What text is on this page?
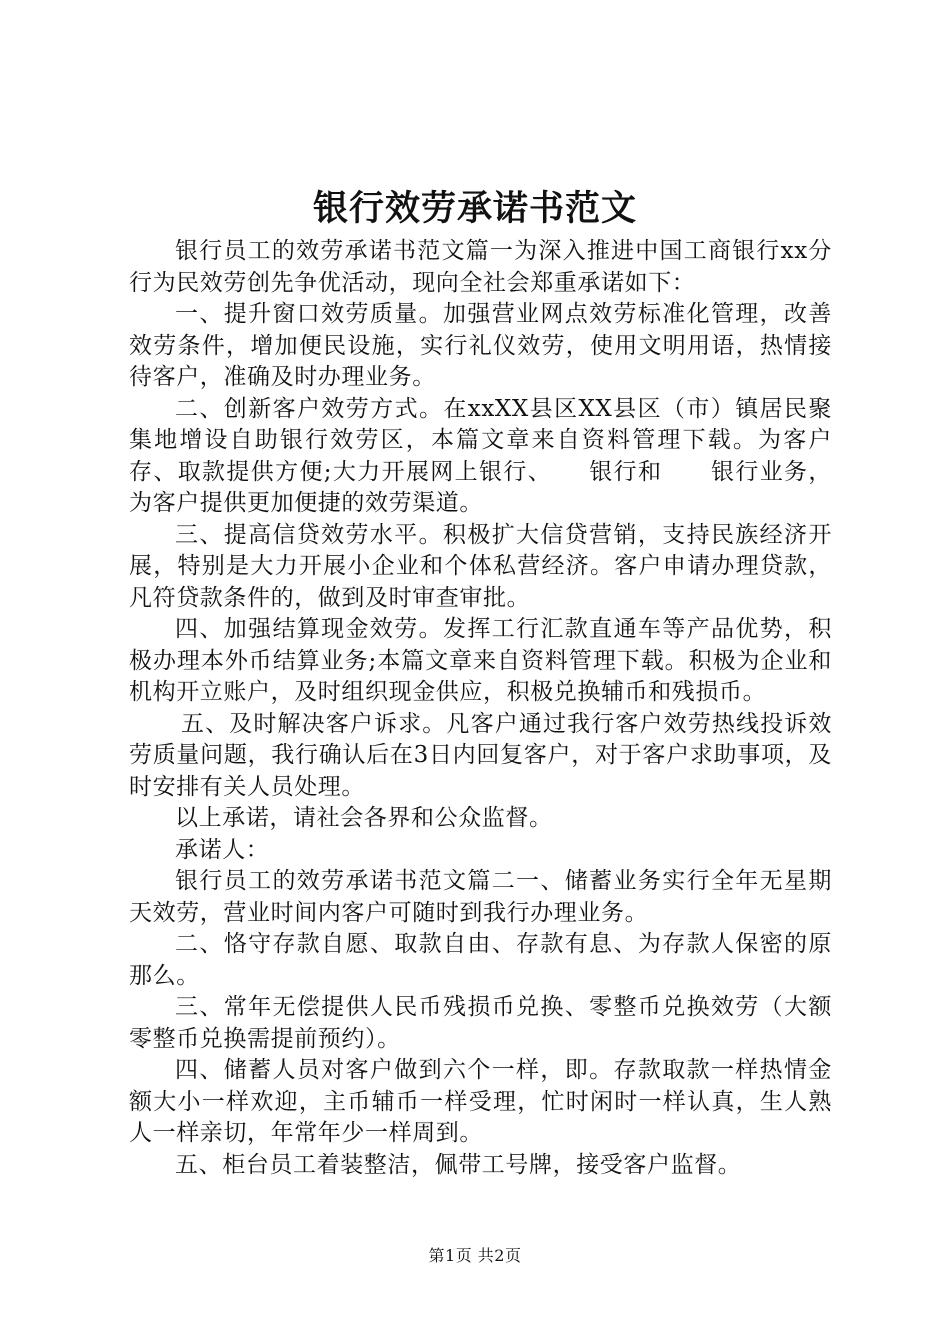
银行效劳承诺书范文

银行员工的效劳承诺书范文篇一为深入推进中国工商银行xx分行为民效劳创先争优活动，现向全社会郑重承诺如下：

一、提升窗口效劳质量。加强营业网点效劳标准化管理，改善效劳条件，增加便民设施，实行礼仪效劳，使用文明用语，热情接待客户，准确及时办理业务。

二、创新客户效劳方式。在xxXX县区XX县区（市）镇居民聚集地增设自助银行效劳区，本篇文章来自资料管理下载。为客户存、取款提供方便;大力开展网上银行、　　银行和　　银行业务，为客户提供更加便捷的效劳渠道。

三、提高信贷效劳水平。积极扩大信贷营销，支持民族经济开展，特别是大力开展小企业和个体私营经济。客户申请办理贷款，凡符贷款条件的，做到及时审查审批。

四、加强结算现金效劳。发挥工行汇款直通车等产品优势，积极办理本外币结算业务;本篇文章来自资料管理下载。积极为企业和机构开立账户，及时组织现金供应，积极兑换辅币和残损币。

五、及时解决客户诉求。凡客户通过我行客户效劳热线投诉效劳质量问题，我行确认后在3日内回复客户，对于客户求助事项，及时安排有关人员处理。

以上承诺，请社会各界和公众监督。

承诺人：

银行员工的效劳承诺书范文篇二一、储蓄业务实行全年无星期天效劳，营业时间内客户可随时到我行办理业务。

二、恪守存款自愿、取款自由、存款有息、为存款人保密的原那么。

三、常年无偿提供人民币残损币兑换、零整币兑换效劳（大额零整币兑换需提前预约）。

四、储蓄人员对客户做到六个一样，即。存款取款一样热情金额大小一样欢迎，主币辅币一样受理，忙时闲时一样认真，生人熟人一样亲切，年常年少一样周到。

五、柜台员工着装整洁，佩带工号牌，接受客户监督。

第1页 共2页
